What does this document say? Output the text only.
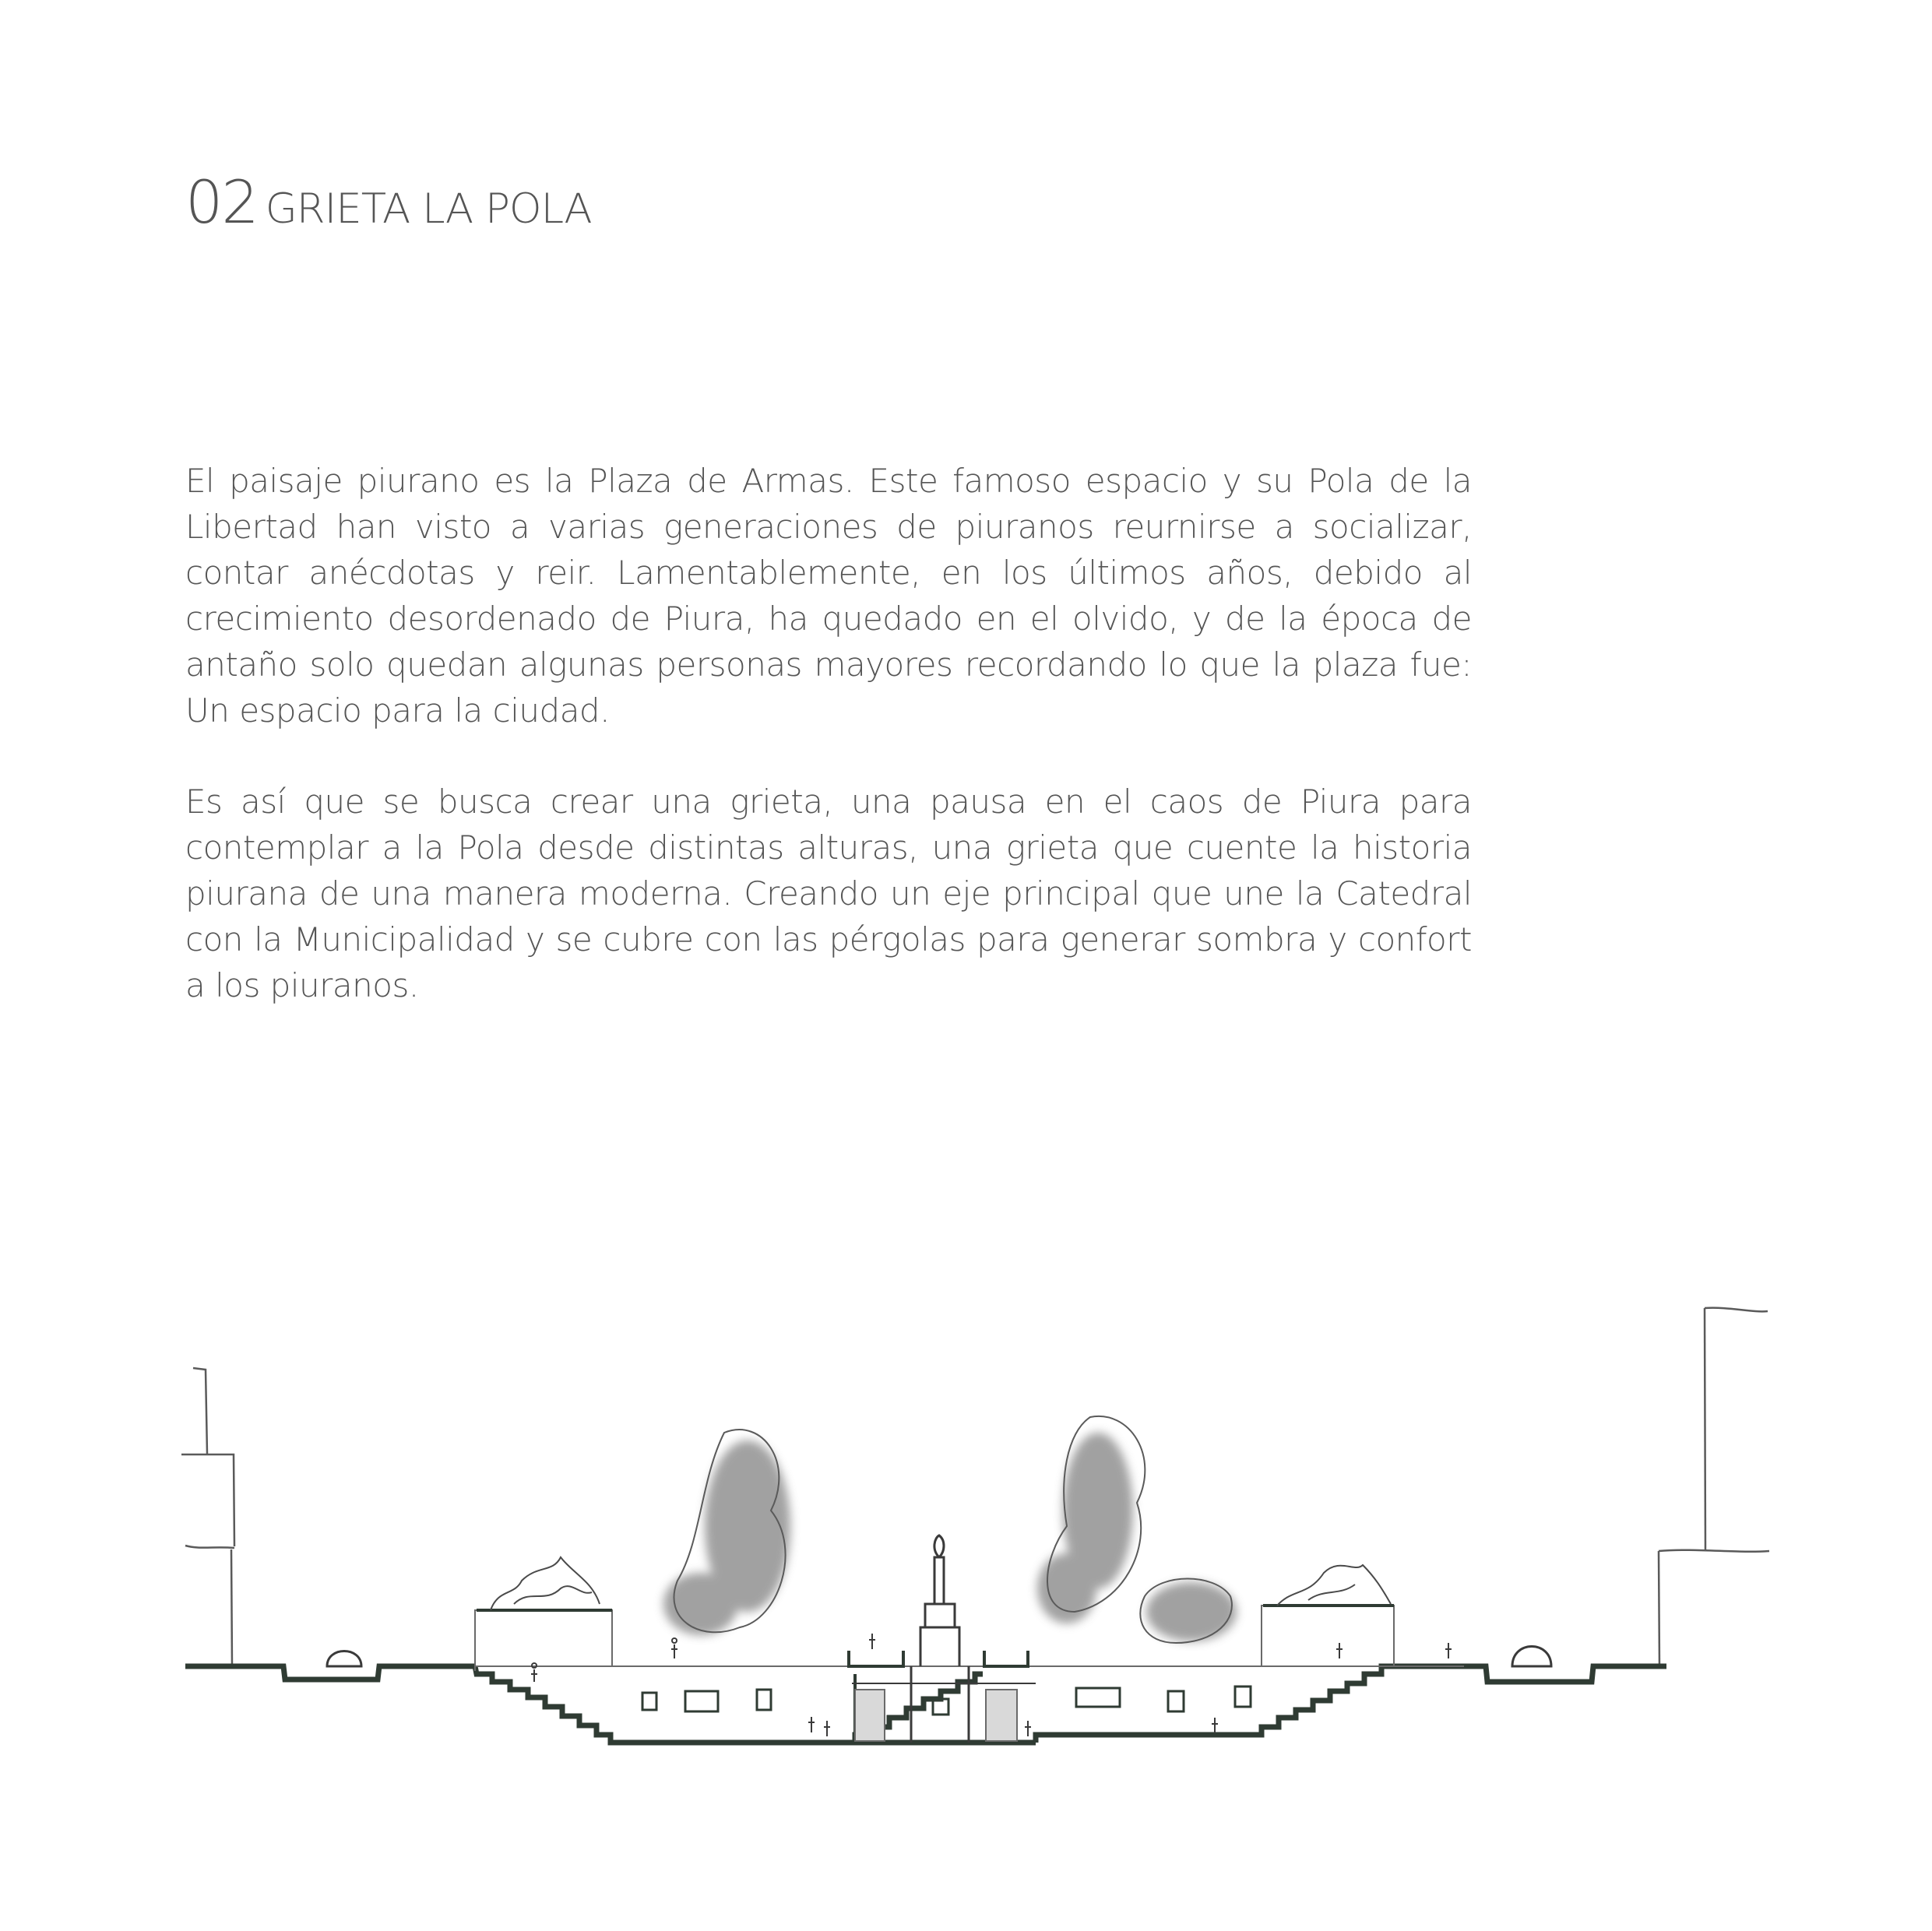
02 GRIETA LA POLA

El paisaje piurano es la Plaza de Armas. Este famoso espacio y su Pola de la Libertad han visto a varias generaciones de piuranos reurnirse a socializar, contar anécdotas y reir. Lamentablemente, en los últimos años, debido al crecimiento desordenado de Piura, ha quedado en el olvido, y de la época de antaño solo quedan algunas personas mayores recordando lo que la plaza fue: Un espacio para la ciudad.

Es así que se busca crear una grieta, una pausa en el caos de Piura para contemplar a la Pola desde distintas alturas, una grieta que cuente la historia piurana de una manera moderna. Creando un eje principal que une la Catedral con la Municipalidad y se cubre con las pérgolas para generar sombra y confort a los piuranos.
